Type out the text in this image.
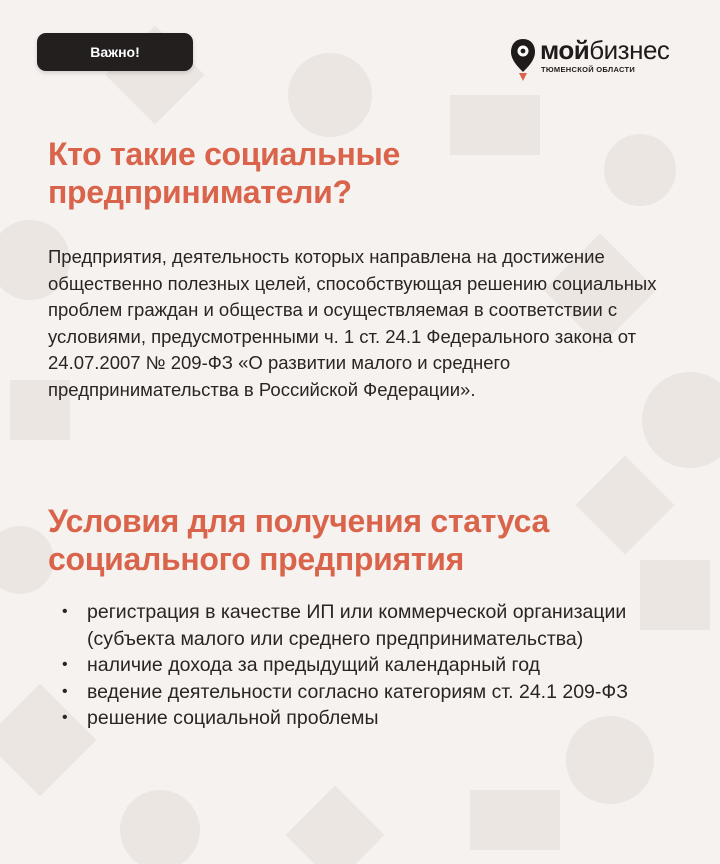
Важно!	мойбизнес
ТЮМЕНСКОЙ ОБЛАСТИ
Кто такие социальные предприниматели?

Предприятия, деятельность которых направлена на достижение общественно полезных целей, способствующая решению социальных проблем граждан и общества и осуществляемая в соответствии с условиями, предусмотренными ч. 1 ст. 24.1 Федерального закона от 24.07.2007 № 209-ФЗ «О развитии малого и среднего предпринимательства в Российской Федерации».

Условия для получения статуса социального предприятия
• регистрация в качестве ИП или коммерческой организации (субъекта малого или среднего предпринимательства)
• наличие дохода за предыдущий календарный год
• ведение деятельности согласно категориям ст. 24.1 209-ФЗ
• решение социальной проблемы
